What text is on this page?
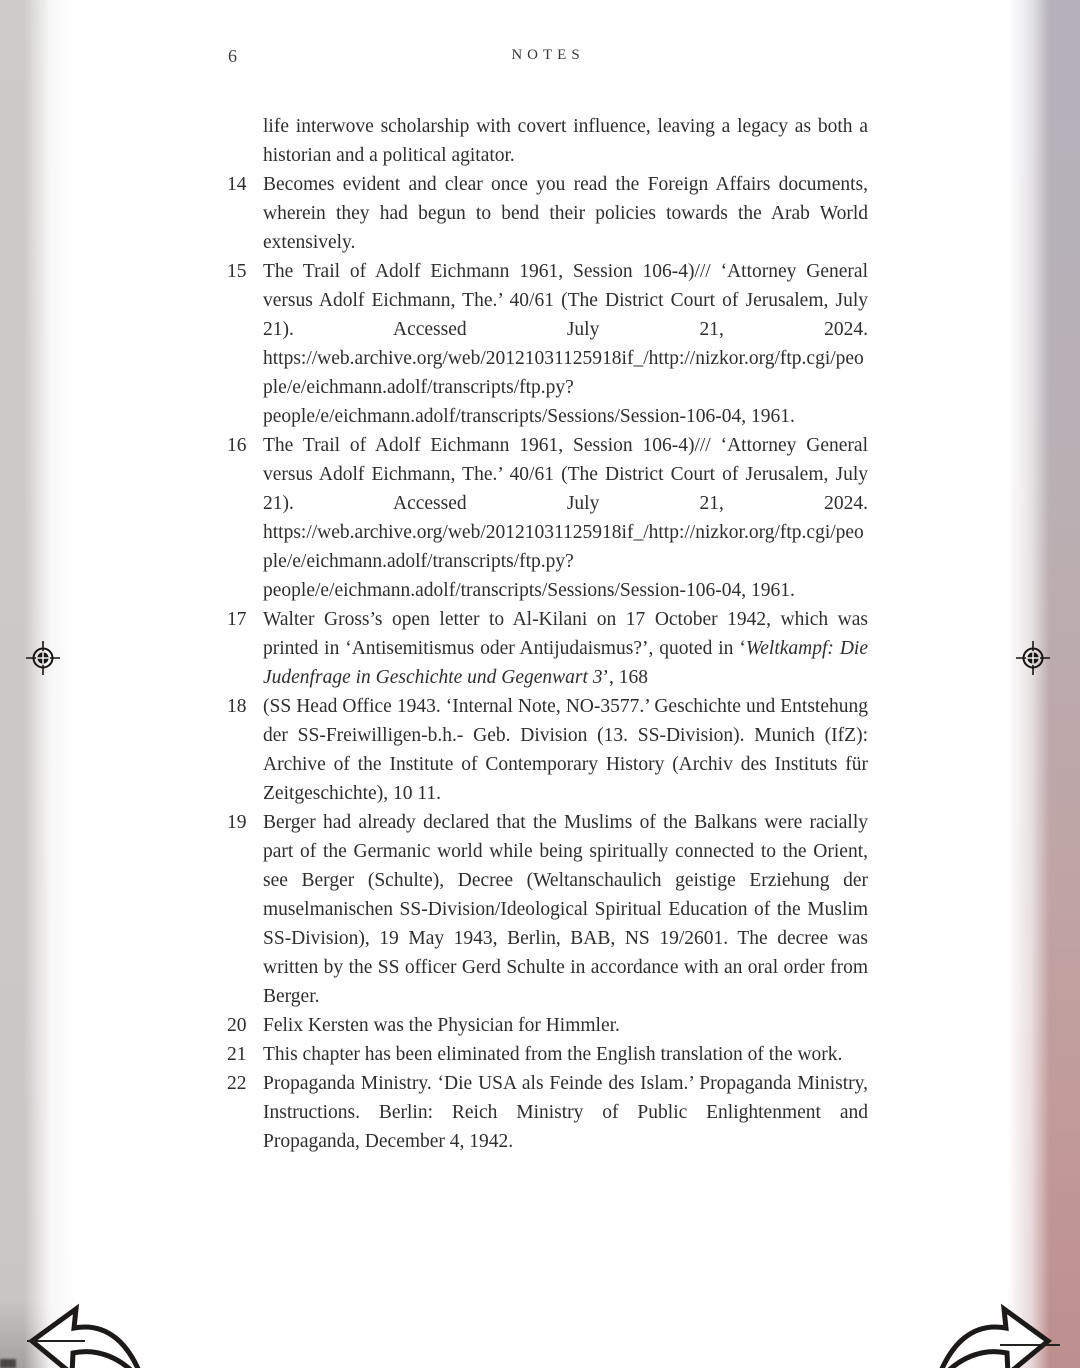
6	NOTES

life interwove scholarship with covert influence, leaving a legacy as both a historian and a political agitator.

14 Becomes evident and clear once you read the Foreign Affairs documents, wherein they had begun to bend their policies towards the Arab World extensively.

15 The Trail of Adolf Eichmann 1961, Session 106-4)/// ‘Attorney General versus Adolf Eichmann, The.’ 40/61 (The District Court of Jerusalem, July 21). Accessed July 21, 2024. https://web.archive.org/web/20121031125918if_/http://nizkor.org/ftp.cgi/people/e/eichmann.adolf/transcripts/ftp.py?people/e/eichmann.adolf/transcripts/Sessions/Session-106-04, 1961.

16 The Trail of Adolf Eichmann 1961, Session 106-4)/// ‘Attorney General versus Adolf Eichmann, The.’ 40/61 (The District Court of Jerusalem, July 21). Accessed July 21, 2024. https://web.archive.org/web/20121031125918if_/http://nizkor.org/ftp.cgi/people/e/eichmann.adolf/transcripts/ftp.py?people/e/eichmann.adolf/transcripts/Sessions/Session-106-04, 1961.

17 Walter Gross’s open letter to Al-Kilani on 17 October 1942, which was printed in ‘Antisemitismus oder Antijudaismus?’, quoted in ‘Weltkampf: Die Judenfrage in Geschichte und Gegenwart 3’, 168

18 (SS Head Office 1943. ‘Internal Note, NO-3577.’ Geschichte und Entstehung der SS-Freiwilligen-b.h.- Geb. Division (13. SS-Division). Munich (IfZ): Archive of the Institute of Contemporary History (Archiv des Instituts für Zeitgeschichte), 10 11.

19 Berger had already declared that the Muslims of the Balkans were racially part of the Germanic world while being spiritually connected to the Orient, see Berger (Schulte), Decree (Weltanschaulich geistige Erziehung der muselmanischen SS-Division/Ideological Spiritual Education of the Muslim SS-Division), 19 May 1943, Berlin, BAB, NS 19/2601. The decree was written by the SS officer Gerd Schulte in accordance with an oral order from Berger.

20 Felix Kersten was the Physician for Himmler.

21 This chapter has been eliminated from the English translation of the work.

22 Propaganda Ministry. ‘Die USA als Feinde des Islam.’ Propaganda Ministry, Instructions. Berlin: Reich Ministry of Public Enlightenment and Propaganda, December 4, 1942.
